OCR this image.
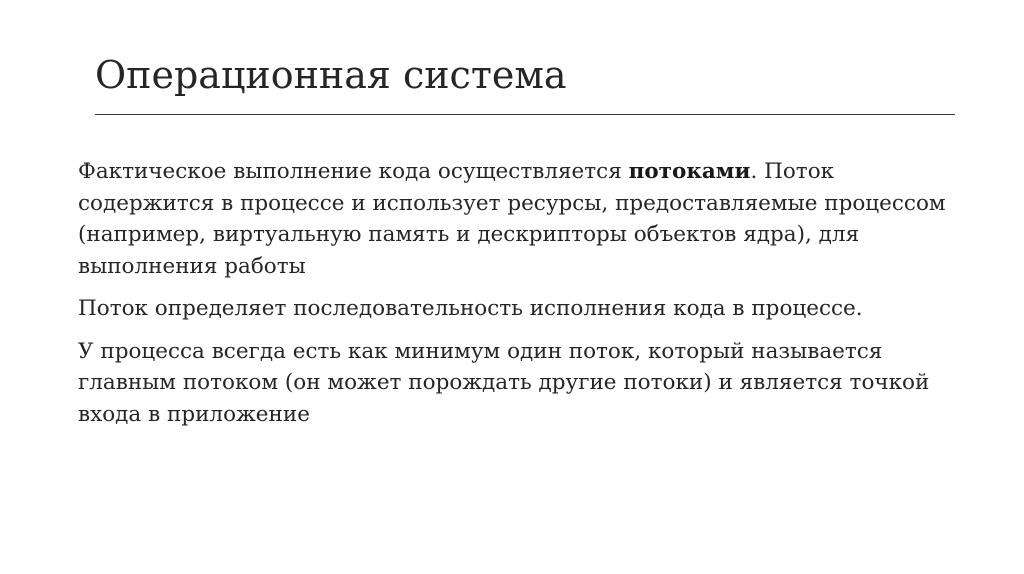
Операционная система

Фактическое выполнение кода осуществляется потоками. Поток содержится в процессе и использует ресурсы, предоставляемые процессом (например, виртуальную память и дескрипторы объектов ядра), для выполнения работы

Поток определяет последовательность исполнения кода в процессе.

У процесса всегда есть как минимум один поток, который называется главным потоком (он может порождать другие потоки) и является точкой входа в приложение
